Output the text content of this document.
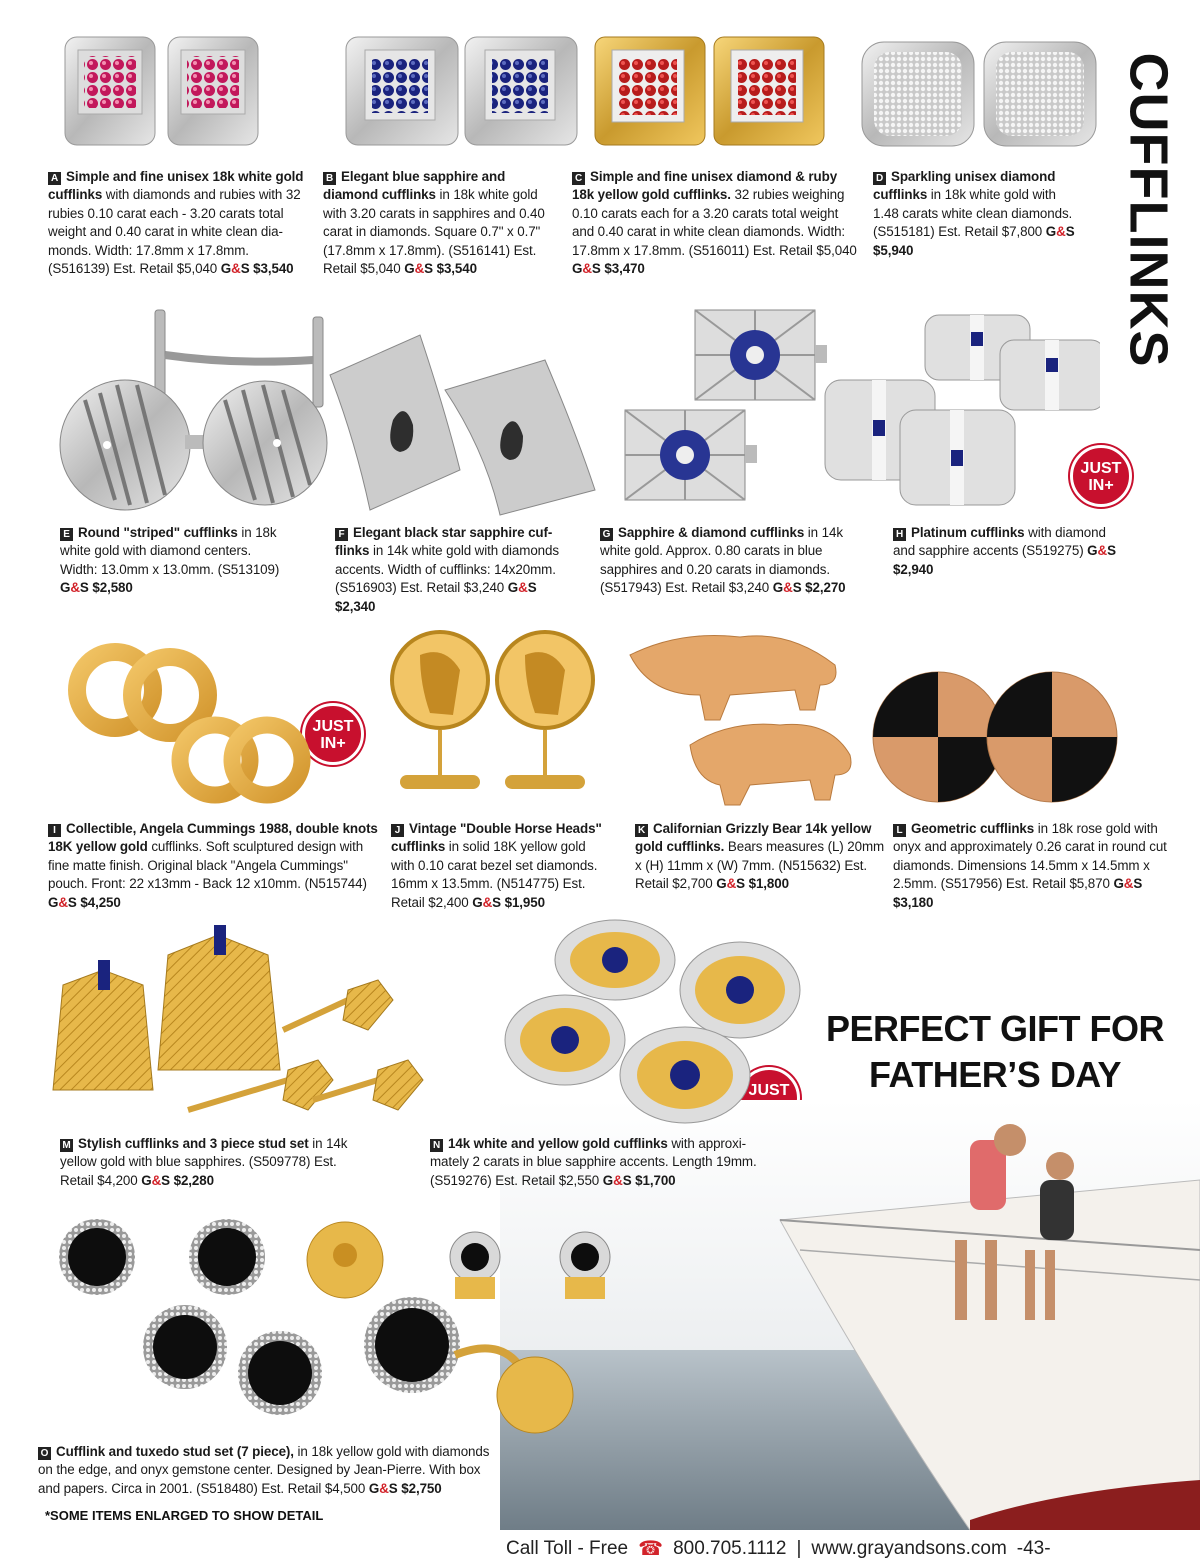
CUFFLINKS
A Simple and fine unisex 18k white gold cufflinks with diamonds and rubies with 32 rubies 0.10 carat each - 3.20 carats total weight and 0.40 carat in white clean dia-monds. Width: 17.8mm x 17.8mm. (S516139) Est. Retail $5,040 G&S $3,540
B Elegant blue sapphire and diamond cufflinks in 18k white gold with 3.20 carats in sapphires and 0.40 carat in diamonds. Square 0.7" x 0.7" (17.8mm x 17.8mm). (S516141) Est. Retail $5,040 G&S $3,540
C Simple and fine unisex diamond & ruby 18k yellow gold cufflinks. 32 rubies weighing 0.10 carats each for a 3.20 carats total weight and 0.40 carat in white clean diamonds. Width: 17.8mm x 17.8mm. (S516011) Est. Retail $5,040 G&S $3,470
D Sparkling unisex diamond cufflinks in 18k white gold with 1.48 carats white clean diamonds. (S515181) Est. Retail $7,800 G&S $5,940
JUST
IN+
JUST
IN+
JUST
E Round "striped" cufflinks in 18k white gold with diamond centers. Width: 13.0mm x 13.0mm. (S513109) G&S $2,580
F Elegant black star sapphire cuf-flinks in 14k white gold with diamonds accents. Width of cufflinks: 14x20mm. (S516903) Est. Retail $3,240 G&S $2,340
G Sapphire & diamond cufflinks in 14k white gold. Approx. 0.80 carats in blue sapphires and 0.20 carats in diamonds. (S517943) Est. Retail $3,240 G&S $2,270
H Platinum cufflinks with diamond and sapphire accents (S519275) G&S $2,940
I Collectible, Angela Cummings 1988, double knots 18K yellow gold cufflinks. Soft sculptured design with fine matte finish. Original black "Angela Cummings" pouch. Front: 22 x13mm - Back 12 x10mm. (N515744) G&S $4,250
J Vintage "Double Horse Heads" cufflinks in solid 18K yellow gold with 0.10 carat bezel set diamonds. 16mm x 13.5mm. (N514775) Est. Retail $2,400 G&S $1,950
K Californian Grizzly Bear 14k yellow gold cufflinks. Bears measures (L) 20mm x (H) 11mm x (W) 7mm. (N515632) Est. Retail $2,700 G&S $1,800
L Geometric cufflinks in 18k rose gold with onyx and approximately 0.26 carat in round cut diamonds. Dimensions 14.5mm x 14.5mm x 2.5mm. (S517956) Est. Retail $5,870 G&S $3,180
PERFECT GIFT FOR
FATHER’S DAY
M Stylish cufflinks and 3 piece stud set in 14k yellow gold with blue sapphires. (S509778) Est. Retail $4,200 G&S $2,280
N 14k white and yellow gold cufflinks with approxi-mately 2 carats in blue sapphire accents. Length 19mm. (S519276) Est. Retail $2,550 G&S $1,700
O Cufflink and tuxedo stud set (7 piece), in 18k yellow gold with diamonds on the edge, and onyx gemstone center. Designed by Jean-Pierre. With box and papers. Circa in 2001. (S518480) Est. Retail $4,500 G&S $2,750
*SOME ITEMS ENLARGED TO SHOW DETAIL
Call Toll - Free ☎ 800.705.1112 | www.grayandsons.com -43-
